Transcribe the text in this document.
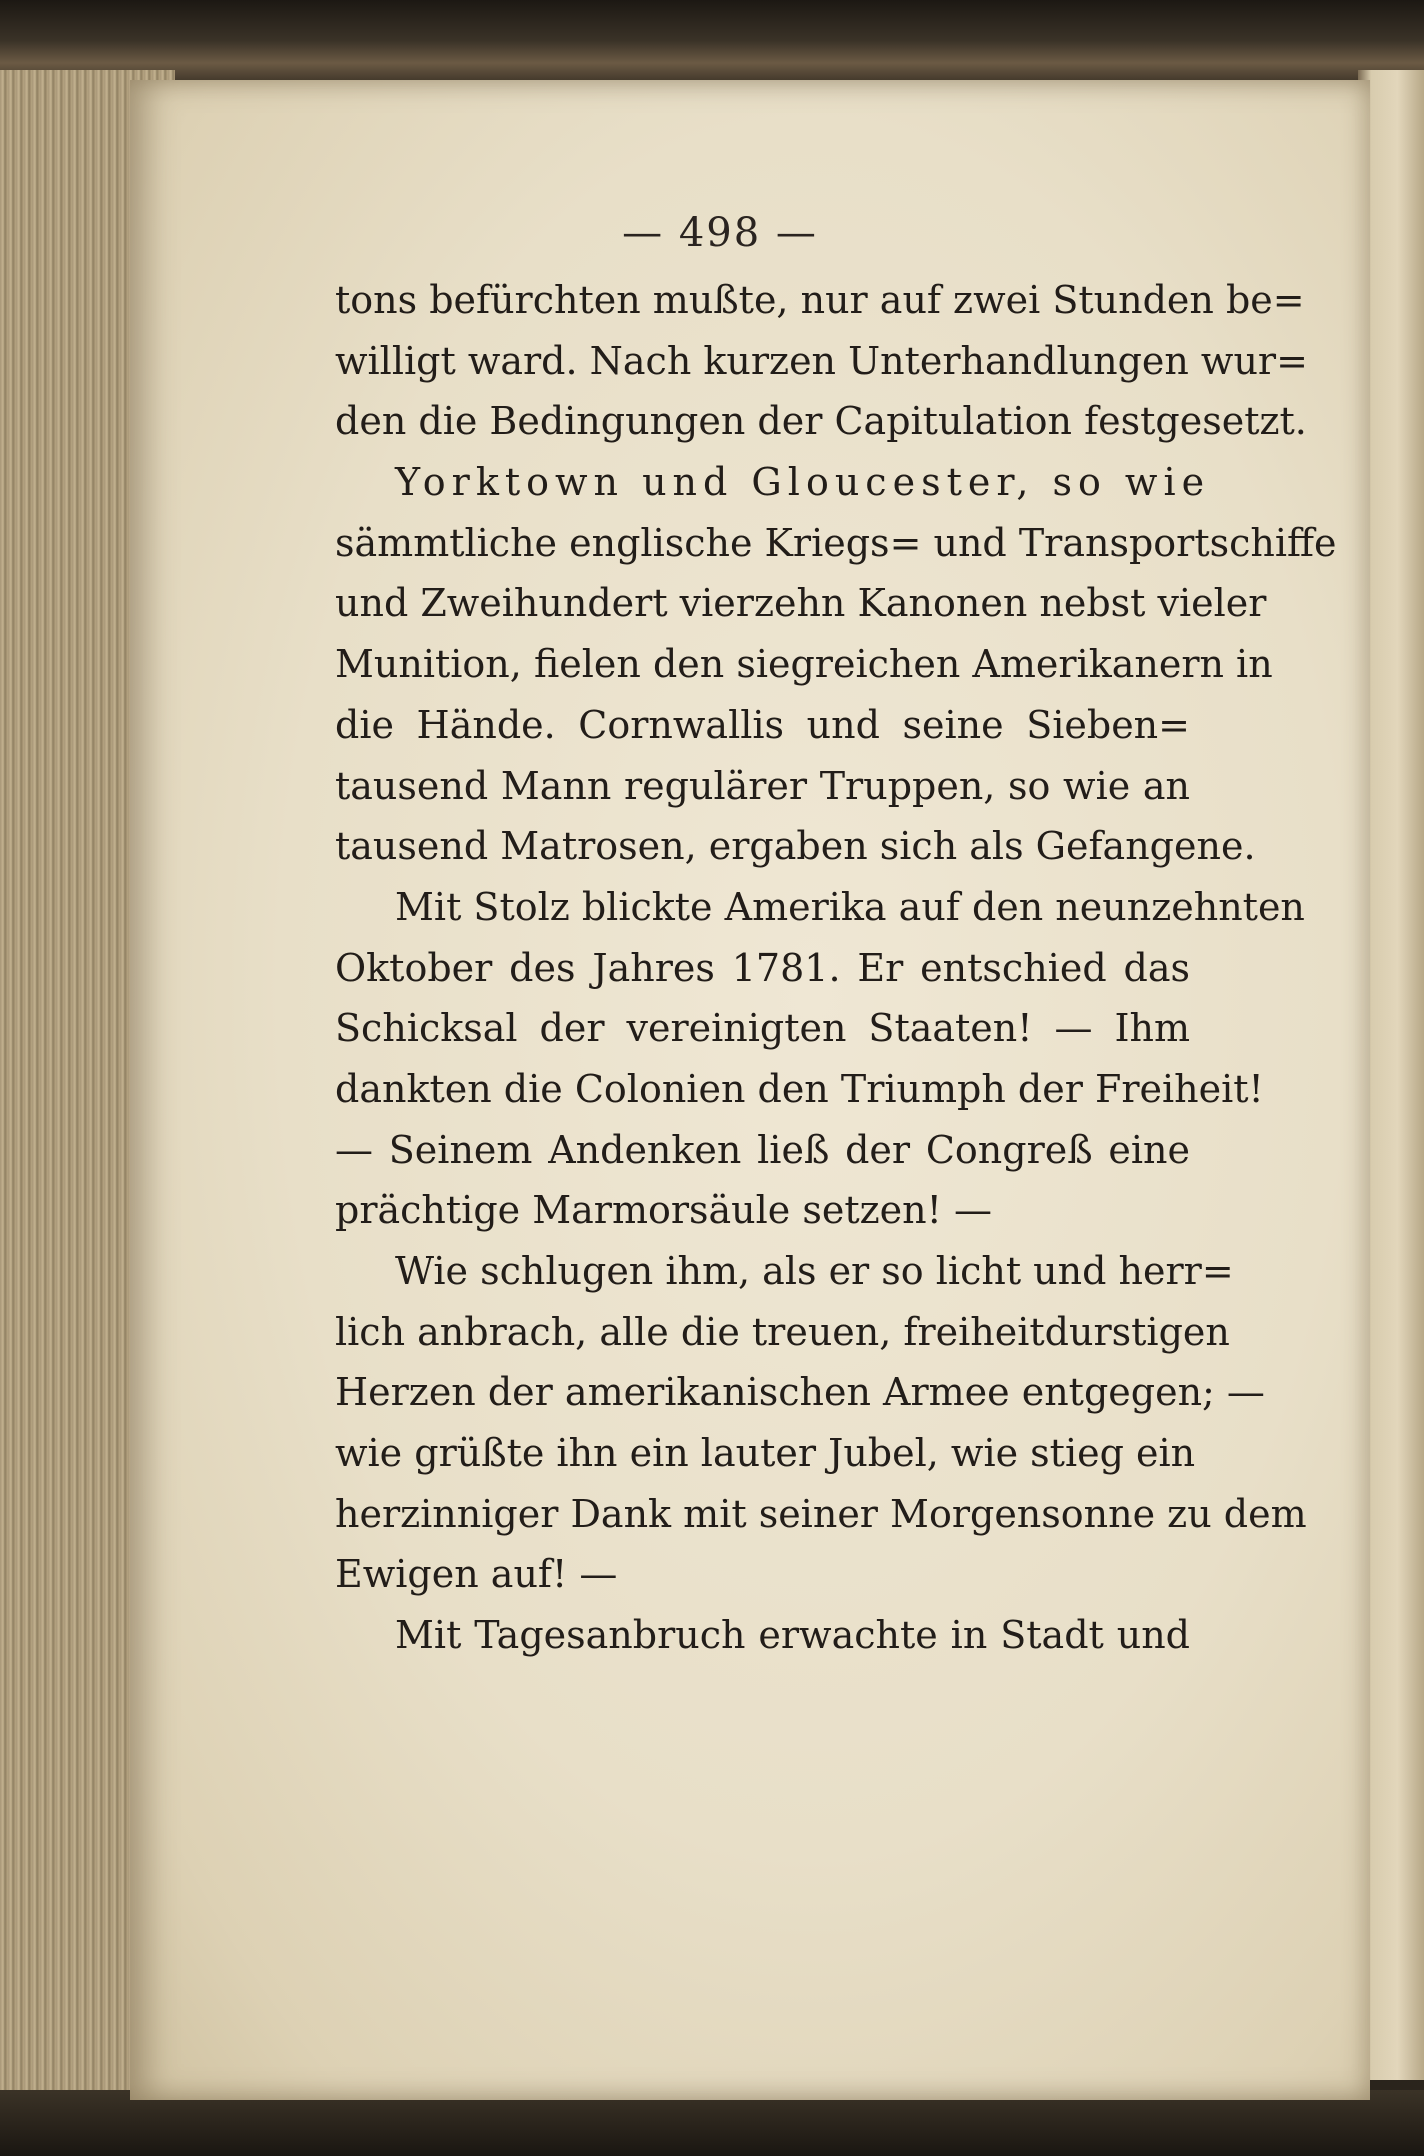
— 498 —
tons befürchten mußte, nur auf zwei Stunden be=
willigt ward. Nach kurzen Unterhandlungen wur=
den die Bedingungen der Capitulation festgesetzt.
Yorktown und Gloucester, so wie
sämmtliche englische Kriegs= und Transportschiffe
und Zweihundert vierzehn Kanonen nebst vieler
Munition, fielen den siegreichen Amerikanern in
die Hände. Cornwallis und seine Sieben=
tausend Mann regulärer Truppen, so wie an
tausend Matrosen, ergaben sich als Gefangene.
Mit Stolz blickte Amerika auf den neunzehnten
Oktober des Jahres 1781. Er entschied das
Schicksal der vereinigten Staaten! — Ihm
dankten die Colonien den Triumph der Freiheit!
— Seinem Andenken ließ der Congreß eine
prächtige Marmorsäule setzen! —
Wie schlugen ihm, als er so licht und herr=
lich anbrach, alle die treuen, freiheitdurstigen
Herzen der amerikanischen Armee entgegen; —
wie grüßte ihn ein lauter Jubel, wie stieg ein
herzinniger Dank mit seiner Morgensonne zu dem
Ewigen auf! —
Mit Tagesanbruch erwachte in Stadt und
